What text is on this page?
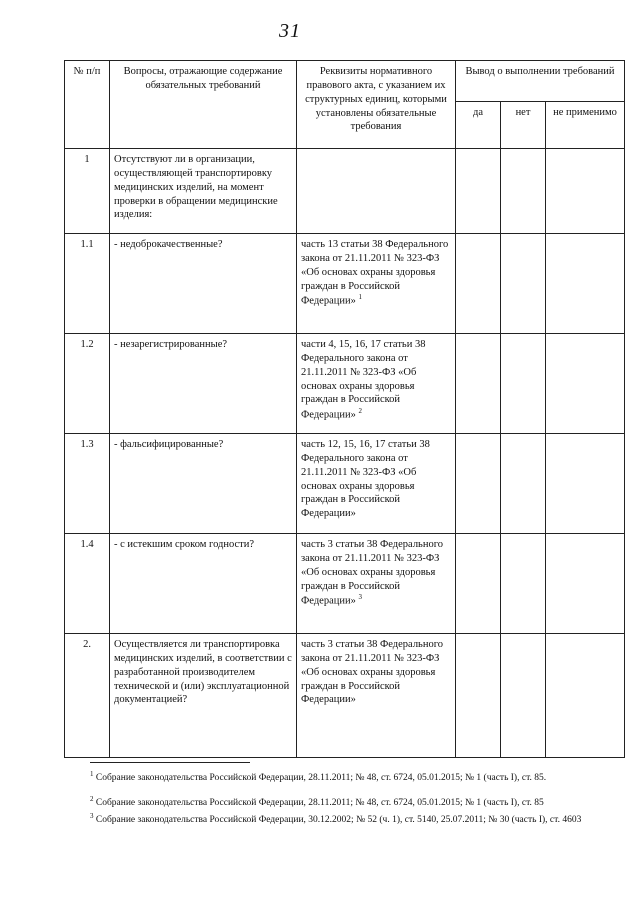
31
№ п/п	Вопросы, отражающие содержание обязательных требований	Реквизиты нормативного правового акта, с указанием их структурных единиц, которыми установлены обязательные требования	Вывод о выполнении требований		
			да	нет	не применимо
1	Отсутствуют ли в организации, осуществляющей транспортировку медицинских изделий, на момент проверки в обращении медицинские изделия:				
1.1	- недоброкачественные?	часть 13 статьи 38 Федерального закона от 21.11.2011 № 323-ФЗ «Об основах охраны здоровья граждан в Российской Федерации» $^1$			
1.2	- незарегистрированные?	части 4, 15, 16, 17 статьи 38 Федерального закона от 21.11.2011 № 323-ФЗ «Об основах охраны здоровья граждан в Российской Федерации» $^2$			
1.3	- фальсифицированные?	часть 12, 15, 16, 17 статьи 38 Федерального закона от 21.11.2011 № 323-ФЗ «Об основах охраны здоровья граждан в Российской Федерации»			
1.4	- с истекшим сроком годности?	часть 3 статьи 38 Федерального закона от 21.11.2011 № 323-ФЗ «Об основах охраны здоровья граждан в Российской Федерации» $^3$			
2.	Осуществляется ли транспортировка медицинских изделий, в соответствии с разработанной производителем технической и (или) эксплуатационной документацией?	часть 3 статьи 38 Федерального закона от 21.11.2011 № 323-ФЗ «Об основах охраны здоровья граждан в Российской Федерации»			
$^1$ Собрание законодательства Российской Федерации, 28.11.2011; № 48, ст. 6724, 05.01.2015; № 1 (часть I), ст. 85.
$^2$ Собрание законодательства Российской Федерации, 28.11.2011; № 48, ст. 6724, 05.01.2015; № 1 (часть I), ст. 85
$^3$ Собрание законодательства Российской Федерации, 30.12.2002; № 52 (ч. 1), ст. 5140, 25.07.2011; № 30 (часть I), ст. 4603
